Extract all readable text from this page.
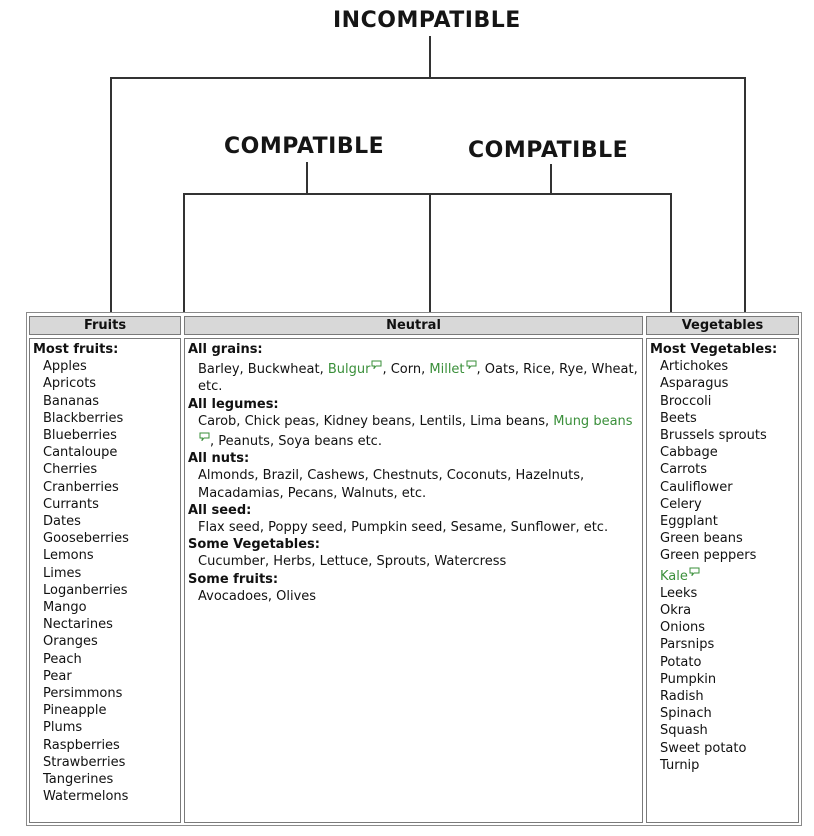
INCOMPATIBLE
COMPATIBLE	COMPATIBLE
Fruits
Most fruits:
Apples
Apricots
Bananas
Blackberries
Blueberries
Cantaloupe
Cherries
Cranberries
Currants
Dates
Gooseberries
Lemons
Limes
Loganberries
Mango
Nectarines
Oranges
Peach
Pear
Persimmons
Pineapple
Plums
Raspberries
Strawberries
Tangerines
Watermelons
Neutral
All grains:
Barley, Buckwheat, Bulgur , Corn, Millet , Oats, Rice, Rye, Wheat, etc.
All legumes:
Carob, Chick peas, Kidney beans, Lentils, Lima beans, Mung beans, Peanuts, Soya beans etc.
All nuts:
Almonds, Brazil, Cashews, Chestnuts, Coconuts, Hazelnuts, Macadamias, Pecans, Walnuts, etc.
All seed:
Flax seed, Poppy seed, Pumpkin seed, Sesame, Sunflower, etc.
Some Vegetables:
Cucumber, Herbs, Lettuce, Sprouts, Watercress
Some fruits:
Avocadoes, Olives
Vegetables
Most Vegetables:
Artichokes
Asparagus
Broccoli
Beets
Brussels sprouts
Cabbage
Carrots
Cauliflower
Celery
Eggplant
Green beans
Green peppers
Kale
Leeks
Okra
Onions
Parsnips
Potato
Pumpkin
Radish
Spinach
Squash
Sweet potato
Turnip
